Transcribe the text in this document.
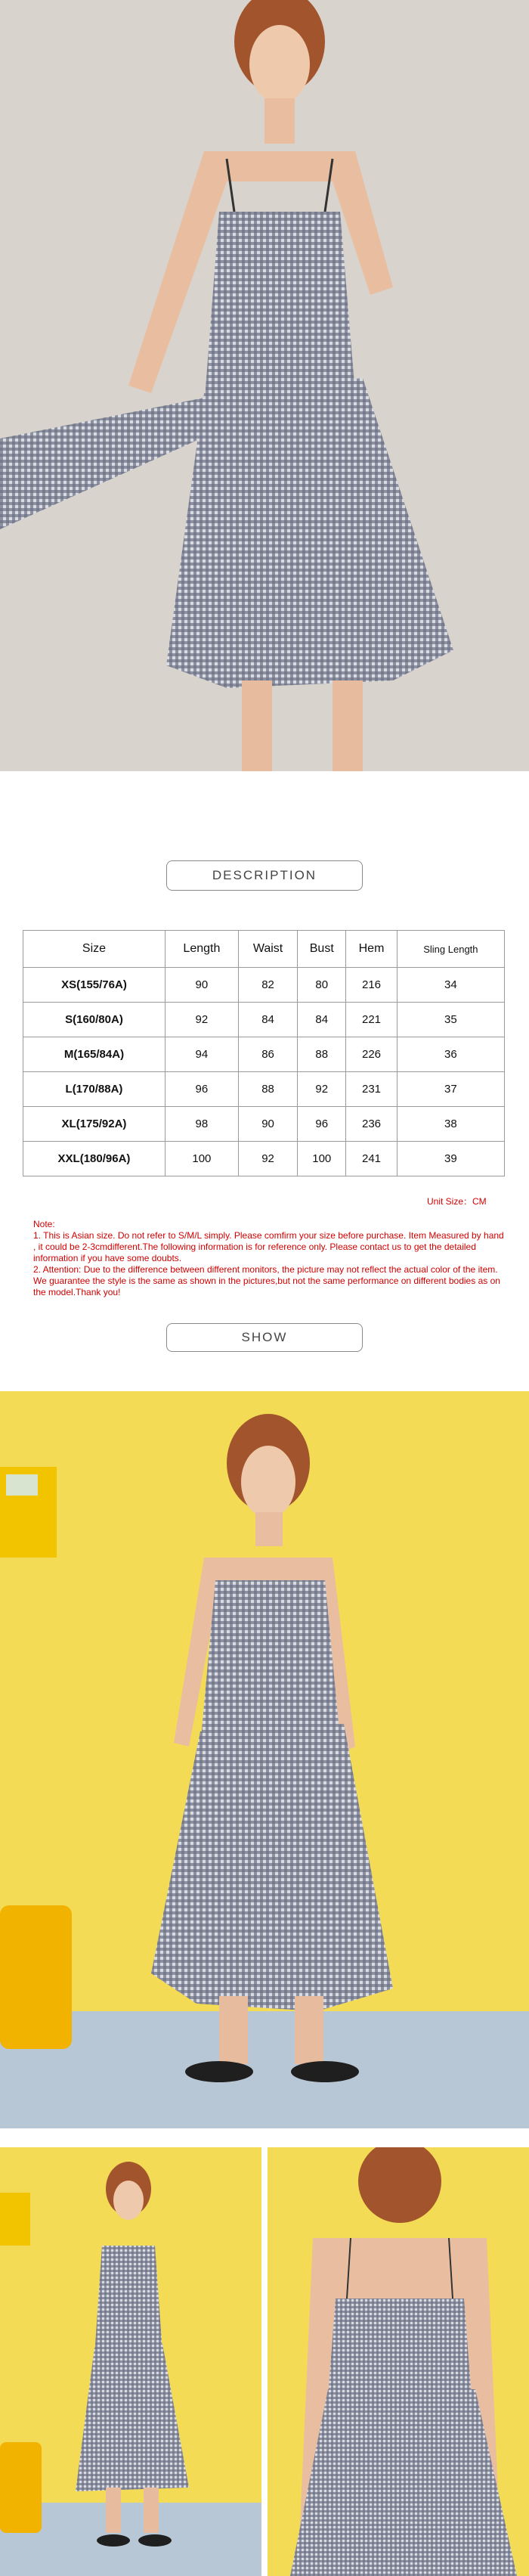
DESCRIPTION
Size	Length	Waist	Bust	Hem	Sling Length
XS(155/76A)	90	82	80	216	34
S(160/80A)	92	84	84	221	35
M(165/84A)	94	86	88	226	36
L(170/88A)	96	88	92	231	37
XL(175/92A)	98	90	96	236	38
XXL(180/96A)	100	92	100	241	39
Unit Size：CM

Note:

1. This is Asian size. Do not refer to S/M/L simply. Please comfirm your size before purchase. Item Measured by hand , it could be 2-3cmdifferent.The following information is for reference only. Please contact us to get the detailed information if you have some doubts.

2. Attention: Due to the difference between different monitors, the picture may not reflect the actual color of the item. We guarantee the style is the same as shown in the pictures,but not the same performance on different bodies as on the model.Thank you!

SHOW
